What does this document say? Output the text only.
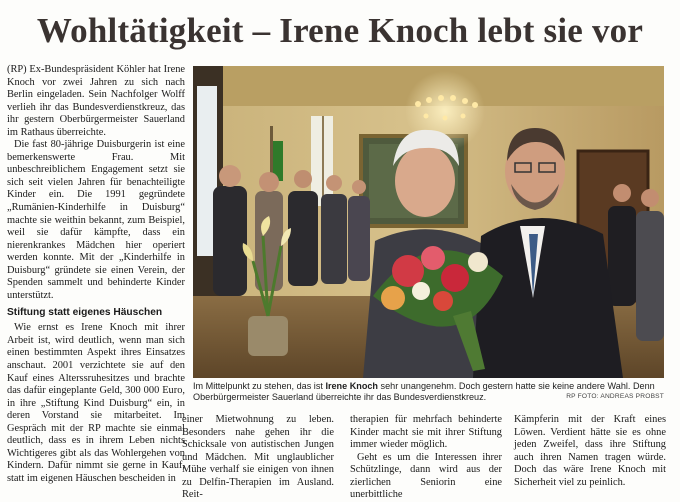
Wohltätigkeit – Irene Knoch lebt sie vor

(RP) Ex-Bundespräsident Köhler hat Irene Knoch vor zwei Jahren zu sich nach Berlin eingeladen. Sein Nachfolger Wolff verlieh ihr das Bundesverdienstkreuz, das ihr gestern Oberbürgermeister Sauerland im Rathaus überreichte.

Die fast 80-jährige Duisburgerin ist eine bemerkenswerte Frau. Mit unbeschreiblichem Engagement setzt sie sich seit vielen Jahren für benachteiligte Kinder ein. Die 1991 gegründete „Rumänien-Kinderhilfe in Duisburg“ machte sie weithin bekannt, zum Beispiel, weil sie dafür kämpfte, dass ein nierenkrankes Mädchen hier operiert werden konnte. Mit der „Kinderhilfe in Duisburg“ gründete sie einen Verein, der Spenden sammelt und behinderte Kinder unterstützt.

Stiftung statt eigenes Häuschen

Wie ernst es Irene Knoch mit ihrer Arbeit ist, wird deutlich, wenn man sich einen bestimmten Aspekt ihres Einsatzes anschaut. 2001 verzichtete sie auf den Kauf eines Alterssruhesitzes und brachte das dafür eingeplante Geld, 300 000 Euro, in ihre „Stiftung Kind Duisburg“ ein, in deren Vorstand sie mitarbeitet. Im Gespräch mit der RP machte sie einmal deutlich, dass es in ihrem Leben nichts Wichtigeres gibt als das Wohlergehen von Kindern. Dafür nimmt sie gerne in Kauf, statt im eigenen Häuschen bescheiden in

Im Mittelpunkt zu stehen, das ist Irene Knoch sehr unangenehm. Doch gestern hatte sie keine andere Wahl. Denn Oberbürgermeister Sauerland überreichte ihr das Bundesverdienstkreuz.	RP FOTO: ANDREAS PROBST

einer Mietwohnung zu leben. Besonders nahe gehen ihr die Schicksale von autistischen Jungen und Mädchen. Mit unglaublicher Mühe verhalf sie einigen von ihnen zu Delfin-Therapien im Ausland. Reit-

therapien für mehrfach behinderte Kinder macht sie mit ihrer Stiftung immer wieder möglich.

Geht es um die Interessen ihrer Schützlinge, dann wird aus der zierlichen Seniorin eine unerbittliche

Kämpferin mit der Kraft eines Löwen. Verdient hätte sie es ohne jeden Zweifel, dass ihre Stiftung auch ihren Namen tragen würde. Doch das wäre Irene Knoch mit Sicherheit viel zu peinlich.
